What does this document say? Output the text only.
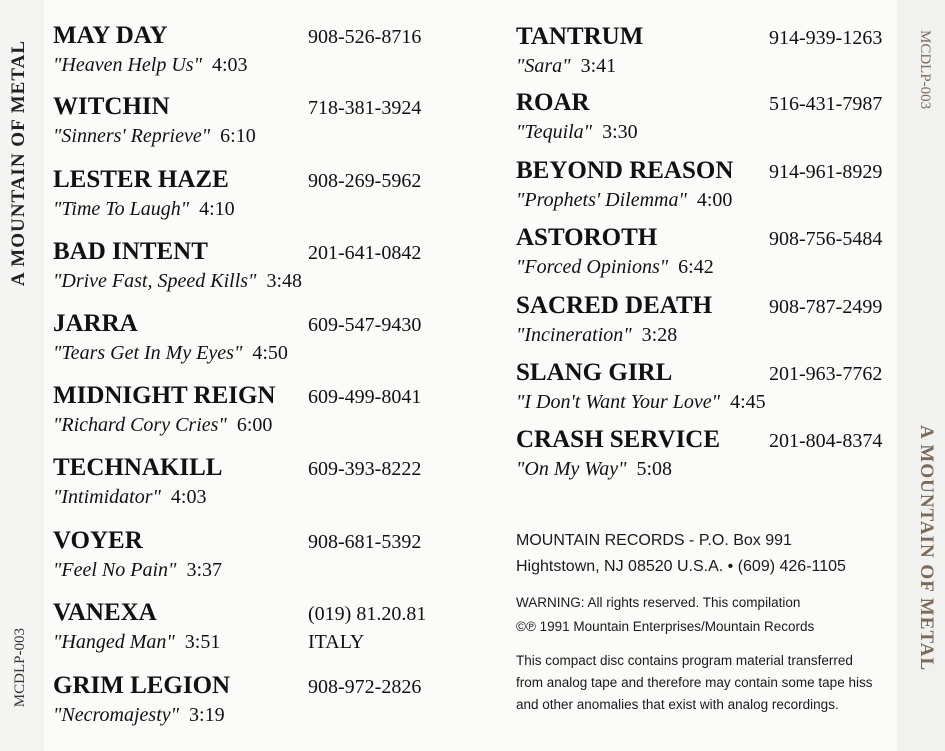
A MOUNTAIN OF METAL
MCDLP-003
MCDLP-003
A MOUNTAIN OF METAL
MAY DAY	908-526-8716
"Heaven Help Us" 4:03
WITCHIN	718-381-3924
"Sinners' Reprieve" 6:10
LESTER HAZE	908-269-5962
"Time To Laugh" 4:10
BAD INTENT	201-641-0842
"Drive Fast, Speed Kills" 3:48
JARRA	609-547-9430
"Tears Get In My Eyes" 4:50
MIDNIGHT REIGN 609-499-8041
"Richard Cory Cries" 6:00
TECHNAKILL	609-393-8222
"Intimidator" 4:03
VOYER	908-681-5392
"Feel No Pain" 3:37
VANEXA	(019) 81.20.81
"Hanged Man" 3:51	ITALY
GRIM LEGION	908-972-2826
"Necromajesty" 3:19
TANTRUM	914-939-1263
"Sara" 3:41
ROAR	516-431-7987
"Tequila" 3:30
BEYOND REASON 914-961-8929
"Prophets' Dilemma" 4:00
ASTOROTH	908-756-5484
"Forced Opinions" 6:42
SACRED DEATH	908-787-2499
"Incineration" 3:28
SLANG GIRL	201-963-7762
"I Don't Want Your Love" 4:45
CRASH SERVICE 201-804-8374
"On My Way" 5:08
MOUNTAIN RECORDS - P.O. Box 991
Hightstown, NJ 08520 U.S.A. • (609) 426-1105
WARNING: All rights reserved. This compilation
©℗ 1991 Mountain Enterprises/Mountain Records
This compact disc contains program material transferred
from analog tape and therefore may contain some tape hiss
and other anomalies that exist with analog recordings.
